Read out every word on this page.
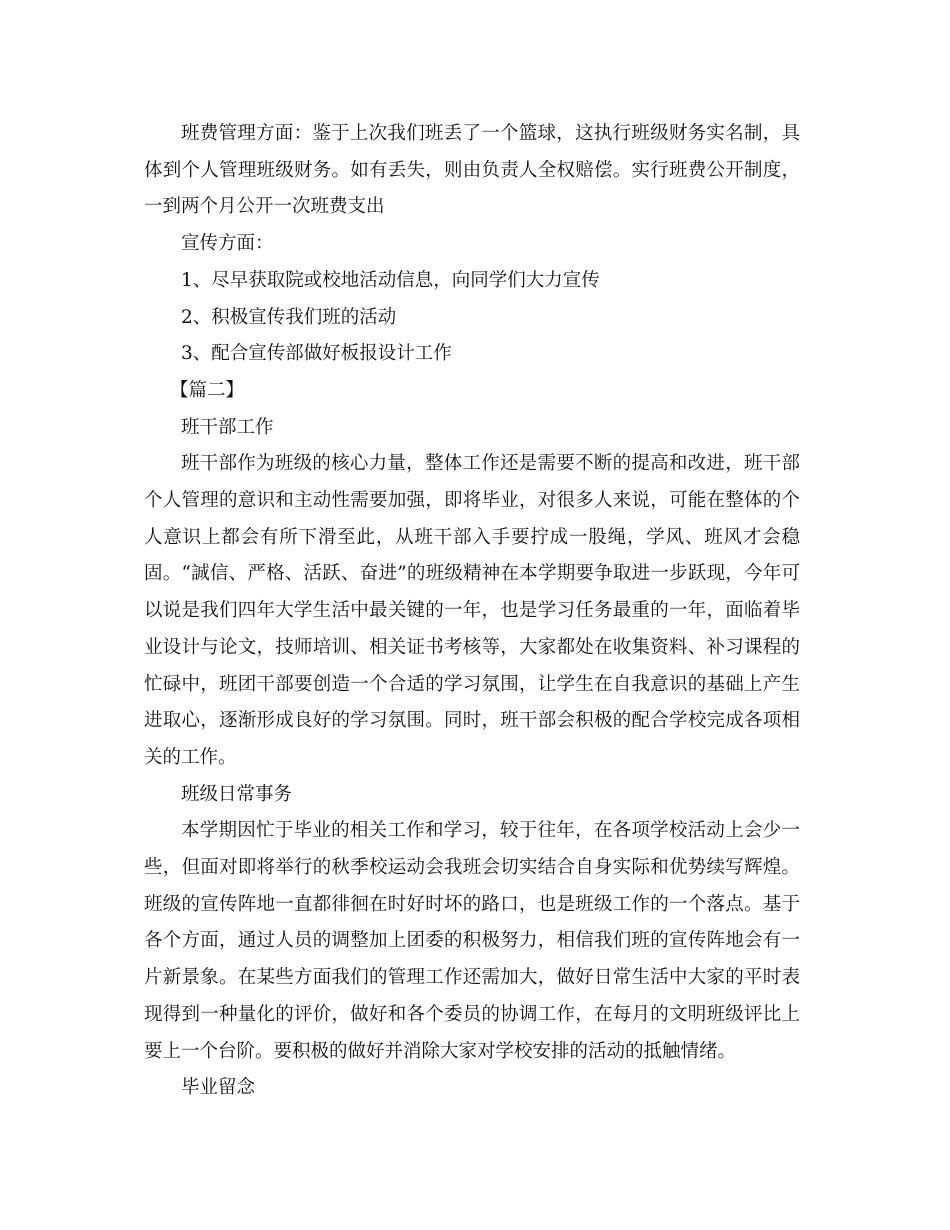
班费管理方面：鉴于上次我们班丢了一个篮球，这执行班级财务实名制，具体到个人管理班级财务。如有丢失，则由负责人全权赔偿。实行班费公开制度，一到两个月公开一次班费支出

宣传方面：

1、尽早获取院或校地活动信息，向同学们大力宣传

2、积极宣传我们班的活动

3、配合宣传部做好板报设计工作

【篇二】

班干部工作

班干部作为班级的核心力量，整体工作还是需要不断的提高和改进，班干部个人管理的意识和主动性需要加强，即将毕业，对很多人来说，可能在整体的个人意识上都会有所下滑至此，从班干部入手要拧成一股绳，学风、班风才会稳固。“誠信、严格、活跃、奋进”的班级精神在本学期要争取进一步跃现，今年可以说是我们四年大学生活中最关键的一年，也是学习任务最重的一年，面临着毕业设计与论文，技师培训、相关证书考核等，大家都处在收集资料、补习课程的忙碌中，班团干部要创造一个合适的学习氛围，让学生在自我意识的基础上产生进取心，逐渐形成良好的学习氛围。同时，班干部会积极的配合学校完成各项相关的工作。

班级日常事务

本学期因忙于毕业的相关工作和学习，较于往年，在各项学校活动上会少一些，但面对即将举行的秋季校运动会我班会切实结合自身实际和优势续写辉煌。班级的宣传阵地一直都徘徊在时好时坏的路口，也是班级工作的一个落点。基于各个方面，通过人员的调整加上团委的积极努力，相信我们班的宣传阵地会有一片新景象。在某些方面我们的管理工作还需加大，做好日常生活中大家的平时表现得到一种量化的评价，做好和各个委员的协调工作，在每月的文明班级评比上要上一个台阶。要积极的做好并消除大家对学校安排的活动的抵触情绪。

毕业留念
